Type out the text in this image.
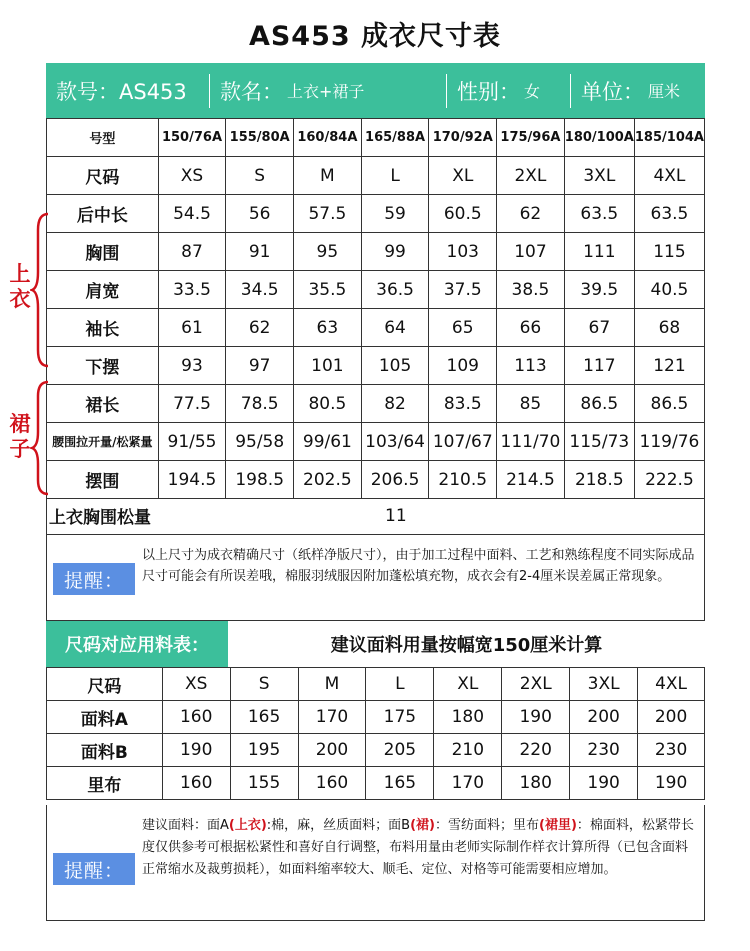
AS453 成衣尺寸表
款号：AS453 款名： 上衣+裙子	性别： 女 单位： 厘米
号型	150/76A	155/80A	160/84A	165/88A	170/92A	175/96A	180/100A	185/104A
尺码	XS	S	M	L	XL	2XL	3XL	4XL
后中长	54.5	56	57.5	59	60.5	62	63.5	63.5
胸围	87	91	95	99	103	107	111	115
肩宽	33.5	34.5	35.5	36.5	37.5	38.5	39.5	40.5
袖长	61	62	63	64	65	66	67	68
下摆	93	97	101	105	109	113	117	121
裙长	77.5	78.5	80.5	82	83.5	85	86.5	86.5
腰围拉开量/松紧量	91/55	95/58	99/61	103/64	107/67	111/70	115/73	119/76
摆围	194.5	198.5	202.5	206.5	210.5	214.5	218.5	222.5
上衣
裙子
上衣胸围松量	11
提醒：
以上尺寸为成衣精确尺寸（纸样净版尺寸），由于加工过程中面料、工艺和熟练程度不同实际成品尺寸可能会有所误差哦，棉服羽绒服因附加蓬松填充物，成衣会有2-4厘米误差属正常现象。
尺码对应用料表：	建议面料用量按幅宽150厘米计算
尺码	XS	S	M	L	XL	2XL	3XL	4XL
面料A	160	165	170	175	180	190	200	200
面料B	190	195	200	205	210	220	230	230
里布	160	155	160	165	170	180	190	190
提醒：
建议面料：面A(上衣):棉，麻，丝质面料；面B(裙)：雪纺面料；里布(裙里)：棉面料，松紧带长度仅供参考可根据松紧性和喜好自行调整，布料用量由老师实际制作样衣计算所得（已包含面料正常缩水及裁剪损耗），如面料缩率较大、顺毛、定位、对格等可能需要相应增加。
